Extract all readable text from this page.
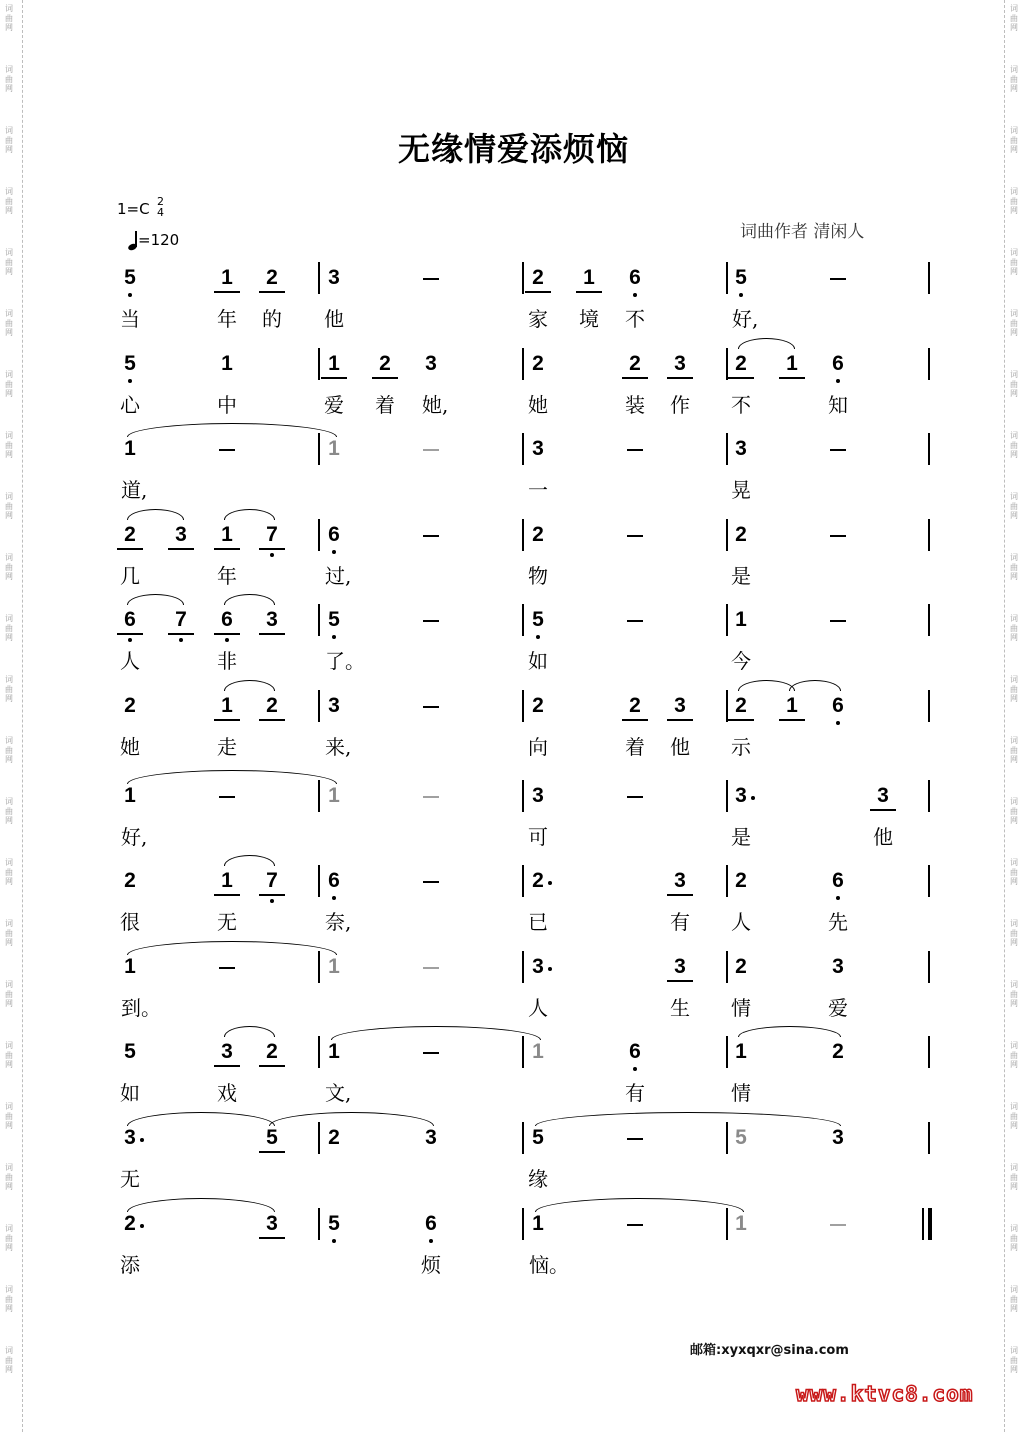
词
曲
网
词
曲
网
词
曲
网
词
曲
网
词
曲
网
词
曲
网
词
曲
网
词
曲
网
词
曲
网
词
曲
网
词
曲
网
词
曲
网
词
曲
网
词
曲
网
词
曲
网
词
曲
网
词
曲
网
词
曲
网
词
曲
网
词
曲
网
词
曲
网
词
曲
网
词
曲
网
词
曲
网
词
曲
网
词
曲
网
词
曲
网
词
曲
网
词
曲
网
词
曲
网
词
曲
网
词
曲
网
词
曲
网
词
曲
网
词
曲
网
词
曲
网
词
曲
网
词
曲
网
词
曲
网
词
曲
网
词
曲
网
词
曲
网
词
曲
网
词
曲
网
词
曲
网
词
曲
网
无缘情爱添烦恼
1=C 2
4
=120	词曲作者 清闲人
5
当
1
年
2
的
3
他
2
家
1
境
6
不
5
好,
5
心
1
中
1
爱
2
着
3
她,
2
她
2
装
3
作
2
不
1 6
知
1
道,
1	3
一
3
晃
2
几
3 1
年
7 6
过,
2
物
2
是
6
人
7 6
非
3 5
了。
5
如
1
今
2
她
1
走
2 3
来,
2
向
2
着
3
他
2
示
1 6
1
好,
1	3
可
3
是
3
他
2
很
1
无
7 6
奈,
2
已
3
有
2
人
6
先
1
到。
1	3
人
3
生
2
情
3
爱
5
如
3
戏
2 1
文,
1	6
有
1
情
2
3
无
5 2	3	5
缘
5	3
2
添
3 5	6
烦
1
恼。
1
邮箱:xyxqxr@sina.com
www.ktvc8.com
